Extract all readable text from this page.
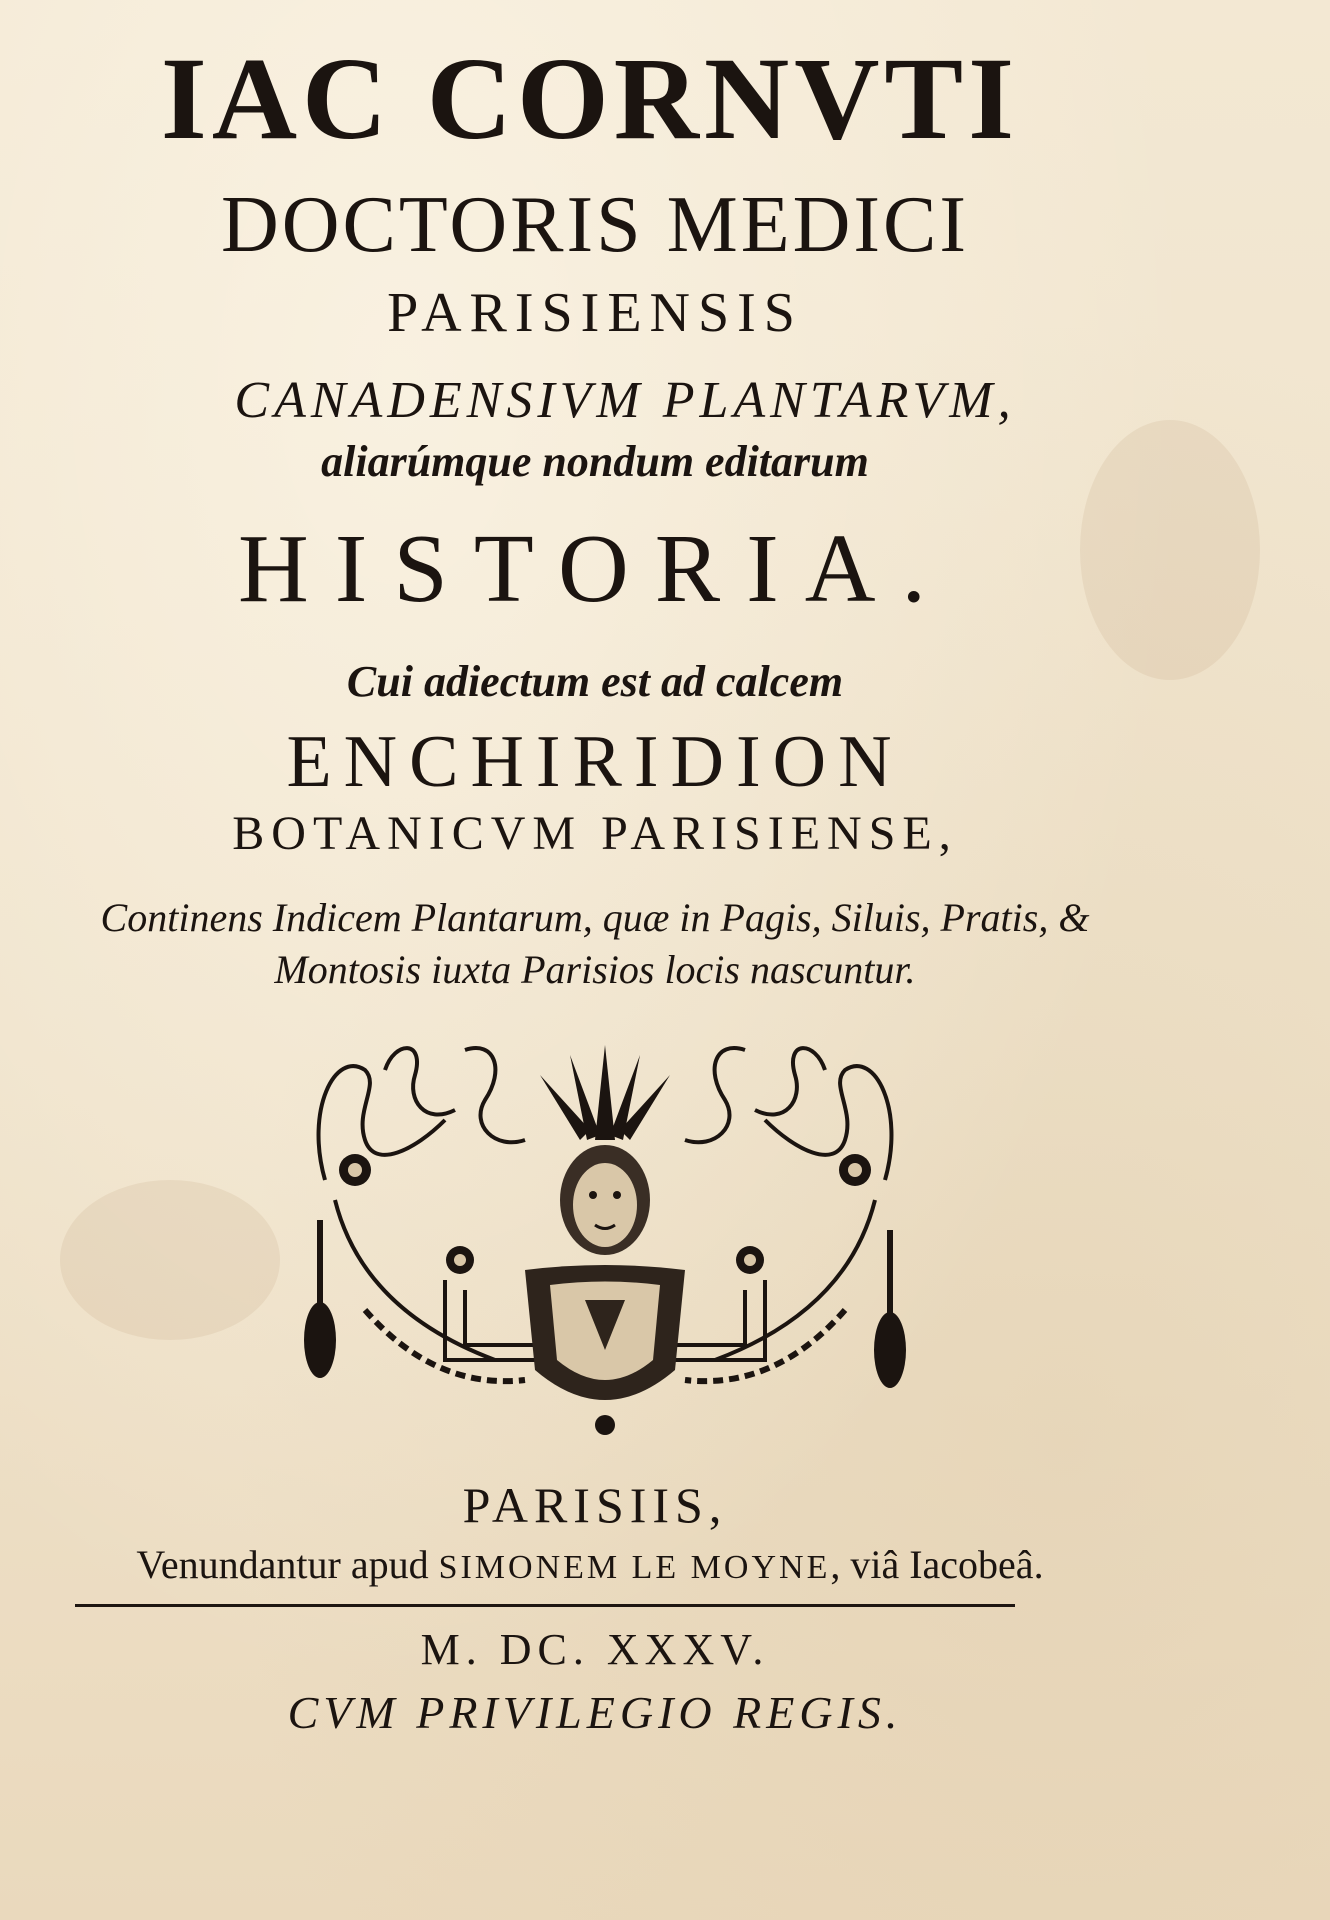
IAC CORNVTI

DOCTORIS MEDICI

PARISIENSIS

CANADENSIVM PLANTARVM,

aliarúmque nondum editarum

HISTORIA.

Cui adiectum est ad calcem

ENCHIRIDION

BOTANICVM PARISIENSE,

Continens Indicem Plantarum, quæ in Pagis, Siluis, Pratis, &

Montosis iuxta Parisios locis nascuntur.

PARISIIS,

Venundantur apud SIMONEM LE MOYNE, viâ Iacobeâ.

M. DC. XXXV.

CVM PRIVILEGIO REGIS.
